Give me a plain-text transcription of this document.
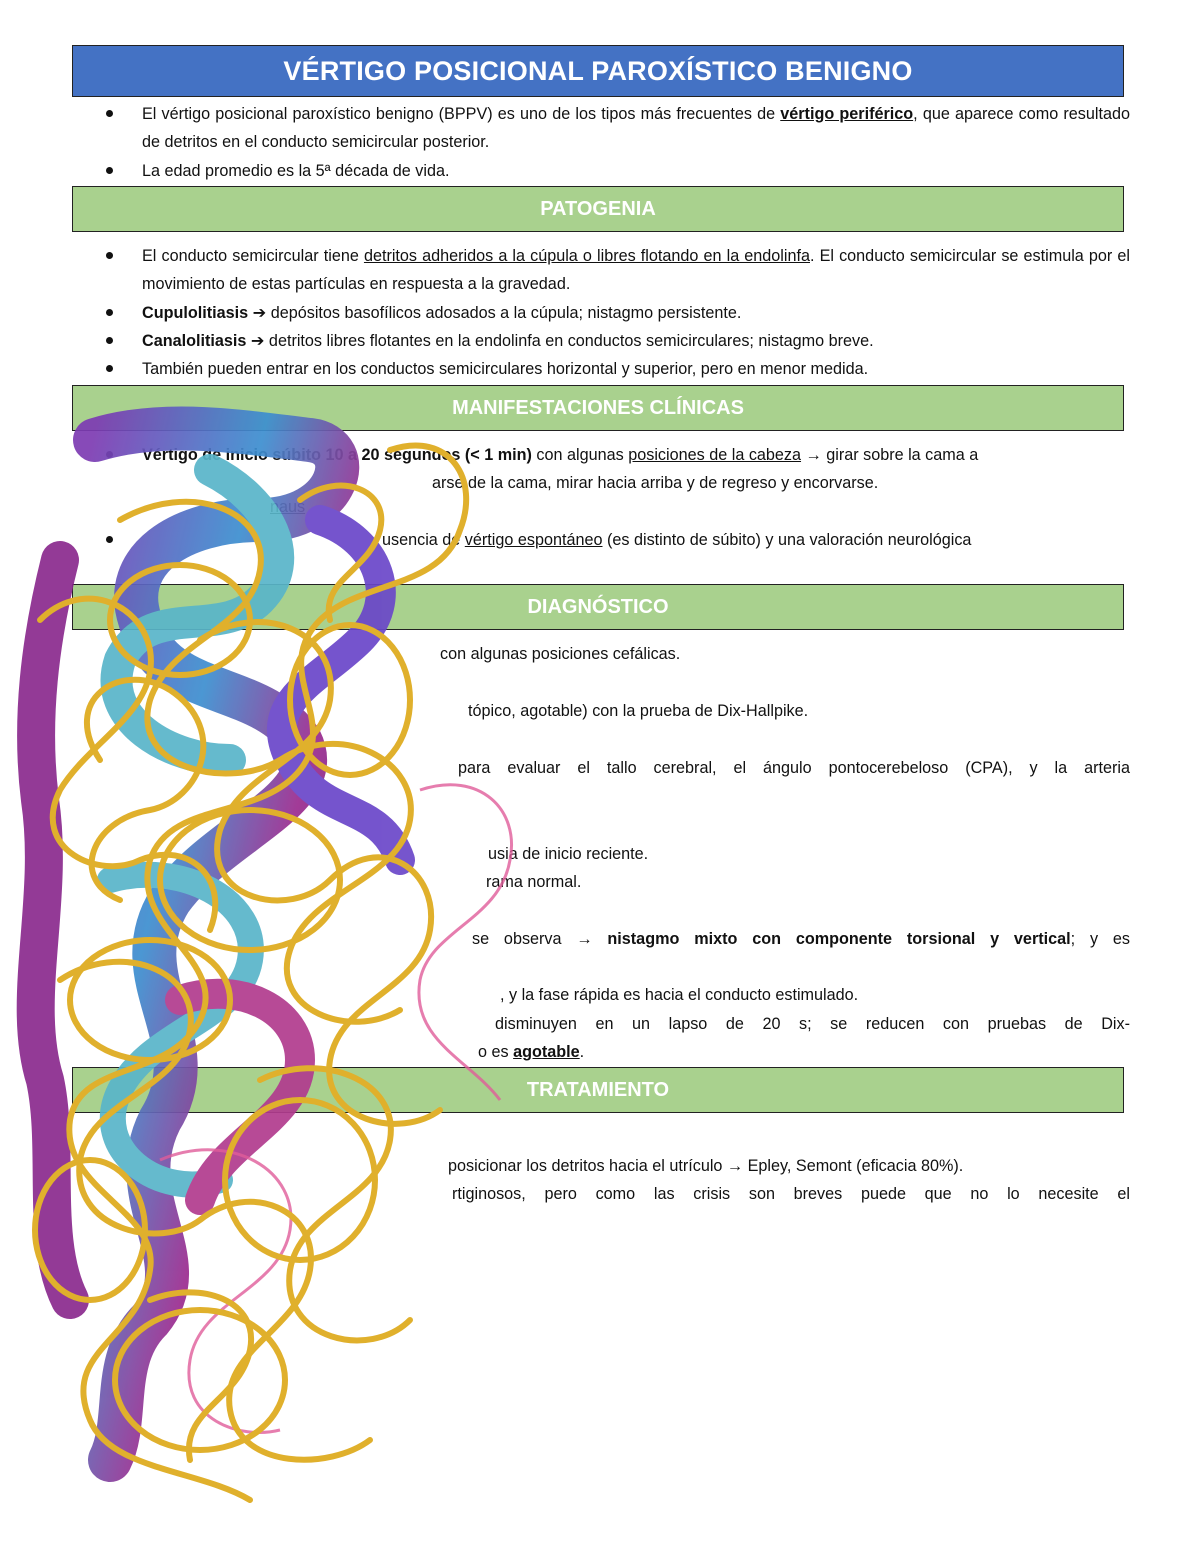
VÉRTIGO POSICIONAL PAROXÍSTICO BENIGNO
El vértigo posicional paroxístico benigno (BPPV) es uno de los tipos más frecuentes de vértigo periférico, que aparece como resultado de detritos en el conducto semicircular posterior.
La edad promedio es la 5ª década de vida.
PATOGENIA
El conducto semicircular tiene detritos adheridos a la cúpula o libres flotando en la endolinfa. El conducto semicircular se estimula por el movimiento de estas partículas en respuesta a la gravedad.
Cupulolitiasis ➔ depósitos basofílicos adosados a la cúpula; nistagmo persistente.
Canalolitiasis ➔ detritos libres flotantes en la endolinfa en conductos semicirculares; nistagmo breve.
También pueden entrar en los conductos semicirculares horizontal y superior, pero en menor medida.
MANIFESTACIONES CLÍNICAS
Vértigo de inicio súbito 10 a 20 segundos (< 1 min) con algunas posiciones de la cabeza → girar sobre la cama a
arse de la cama, mirar hacia arriba y de regreso y encorvarse.
naus
usencia de vértigo espontáneo (es distinto de súbito) y una valoración neurológica
DIAGNÓSTICO
con algunas posiciones cefálicas.
tópico, agotable) con la prueba de Dix-Hallpike.
para evaluar el tallo cerebral, el ángulo pontocerebeloso (CPA), y la arteria
usia de inicio reciente.
rama normal.
se observa → nistagmo mixto con componente torsional y vertical; y es
, y la fase rápida es hacia el conducto estimulado.
disminuyen en un lapso de 20 s; se reducen con pruebas de Dix-
o es agotable.
TRATAMIENTO
posicionar los detritos hacia el utrículo → Epley, Semont (eficacia 80%).
rtiginosos, pero como las crisis son breves puede que no lo necesite el
